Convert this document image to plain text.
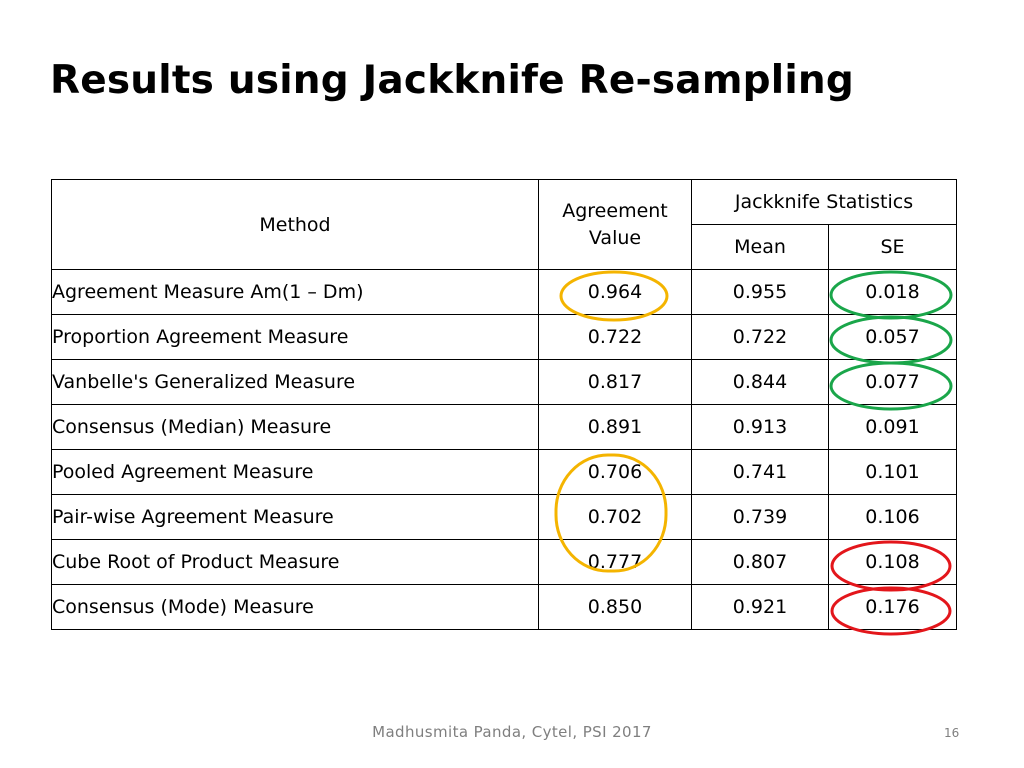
Results using Jackknife Re-sampling
Method	Agreement Value	Jackknife Statistics	
		Mean	SE
Agreement Measure Am(1 – Dm)	0.964	0.955	0.018
Proportion Agreement Measure	0.722	0.722	0.057
Vanbelle's Generalized Measure	0.817	0.844	0.077
Consensus (Median) Measure	0.891	0.913	0.091
Pooled Agreement Measure	0.706	0.741	0.101
Pair-wise Agreement Measure	0.702	0.739	0.106
Cube Root of Product Measure	0.777	0.807	0.108
Consensus (Mode) Measure	0.850	0.921	0.176
Madhusmita Panda, Cytel, PSI 2017	16
